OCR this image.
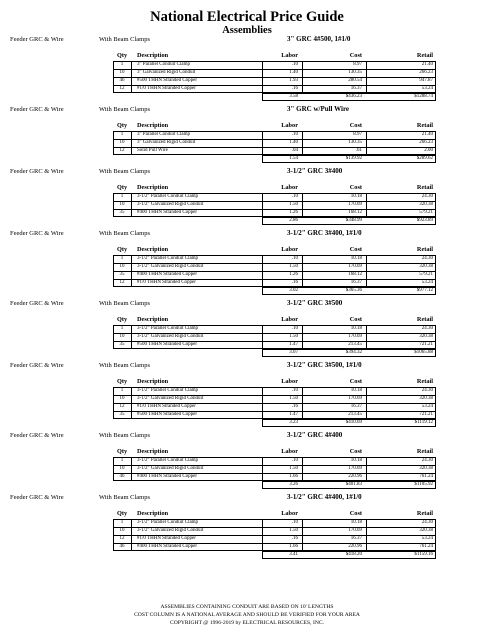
National Electrical Price Guide
Assemblies
Feeder GRC & Wire	With Beam Clamps	3" GRC 4#500, 1#1/0
Qty Description	Labor	Cost	Retail
1	3" Parallel Conduit Clamp	.10	8.97	21.40
10	3" Galvanized Rigid Conduit	1.40	130.35	266.23
46	#500 THHN Stranded Copper	1.93	280.54	947.87
12	#1/0 THHN Stranded Copper	.16	16.37	53.24
3.58	$436.23	$1288.74
Feeder GRC & Wire	With Beam Clamps	3" GRC w/Pull Wire
Qty Description	Labor	Cost	Retail
1	3" Parallel Conduit Clamp	.10	8.97	21.40
10	3" Galvanized Rigid Conduit	1.40	130.35	266.23
12	Solid Pull Wire	.04	.61	2.00
1.54	$139.92	$289.62
Feeder GRC & Wire	With Beam Clamps	3-1/2" GRC 3#400
Qty Description	Labor	Cost	Retail
1	3-1/2" Parallel Conduit Clamp	.10	10.18	24.30
10	3-1/2" Galvanized Rigid Conduit	1.50	170.69	320.38
35	#400 THHN Stranded Copper	1.26	168.12	579.21
2.86	$348.99	$923.89
Feeder GRC & Wire	With Beam Clamps	3-1/2" GRC 3#400, 1#1/0
Qty Description	Labor	Cost	Retail
1	3-1/2" Parallel Conduit Clamp	.10	10.18	24.30
10	3-1/2" Galvanized Rigid Conduit	1.50	170.69	320.38
35	#400 THHN Stranded Copper	1.26	168.12	579.21
12	#1/0 THHN Stranded Copper	.16	16.37	53.24
3.02	$365.36	$977.12
Feeder GRC & Wire	With Beam Clamps	3-1/2" GRC 3#500
Qty Description	Labor	Cost	Retail
1	3-1/2" Parallel Conduit Clamp	.10	10.18	24.30
10	3-1/2" Galvanized Rigid Conduit	1.50	170.69	320.38
35	#500 THHN Stranded Copper	1.47	213.45	721.21
3.07	$394.32	$1065.88
Feeder GRC & Wire	With Beam Clamps	3-1/2" GRC 3#500, 1#1/0
Qty Description	Labor	Cost	Retail
1	3-1/2" Parallel Conduit Clamp	.10	10.18	24.30
10	3-1/2" Galvanized Rigid Conduit	1.50	170.69	320.38
12	#1/0 THHN Stranded Copper	.16	16.37	53.24
35	#500 THHN Stranded Copper	1.47	213.45	721.21
3.23	$410.69	$1119.12
Feeder GRC & Wire	With Beam Clamps	3-1/2" GRC 4#400
Qty Description	Labor	Cost	Retail
1	3-1/2" Parallel Conduit Clamp	.10	10.18	24.30
10	3-1/2" Galvanized Rigid Conduit	1.50	170.69	320.38
46	#400 THHN Stranded Copper	1.66	220.96	761.24
3.26	$401.83	$1105.92
Feeder GRC & Wire	With Beam Clamps	3-1/2" GRC 4#400, 1#1/0
Qty Description	Labor	Cost	Retail
1	3-1/2" Parallel Conduit Clamp	.10	10.18	24.30
10	3-1/2" Galvanized Rigid Conduit	1.50	170.69	320.38
12	#1/0 THHN Stranded Copper	.16	16.37	53.24
46	#400 THHN Stranded Copper	1.66	220.96	761.24
3.41	$418.20	$1159.16
ASSEMBLIES CONTAINING CONDUIT ARE BASED ON 10' LENGTHS
COST COLUMN IS A NATIONAL AVERAGE AND SHOULD BE VERIFIED FOR YOUR AREA
COPYRIGHT @ 1996-2019 by ELECTRICAL RESOURCES, INC.
